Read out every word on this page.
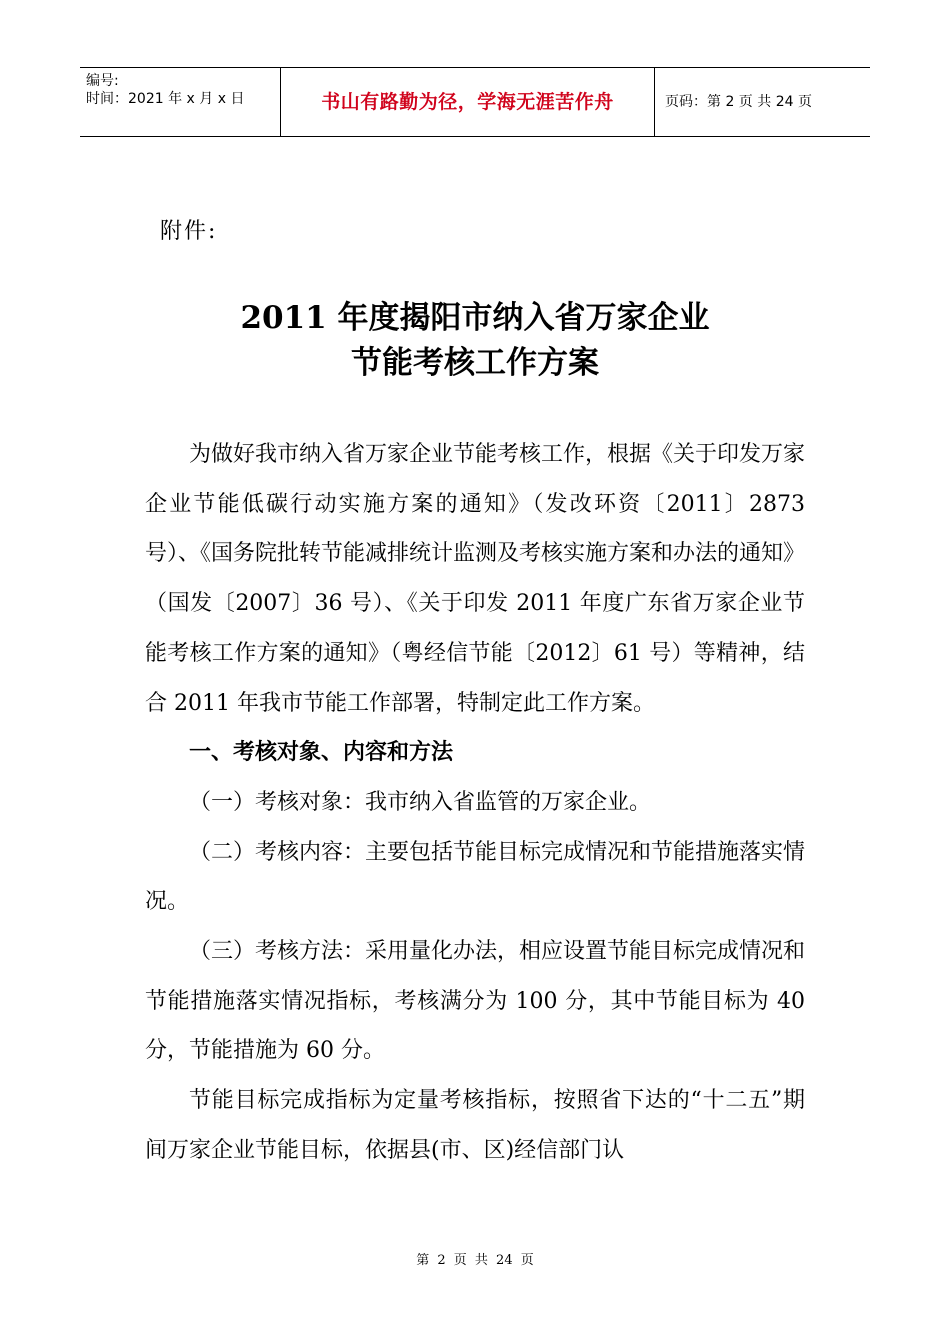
编号:
时间：2021 年 x 月 x 日	书山有路勤为径，学海无涯苦作舟	页码：第 2 页 共 24 页
附件:
2011 年度揭阳市纳入省万家企业
节能考核工作方案

为做好我市纳入省万家企业节能考核工作，根据《关于印发万家企业节能低碳行动实施方案的通知》（发改环资〔2011〕2873 号）、《国务院批转节能减排统计监测及考核实施方案和办法的通知》（国发〔2007〕36 号）、《关于印发 2011 年度广东省万家企业节能考核工作方案的通知》（粤经信节能〔2012〕61 号）等精神，结合 2011 年我市节能工作部署，特制定此工作方案。

一、考核对象、内容和方法

（一）考核对象：我市纳入省监管的万家企业。

（二）考核内容：主要包括节能目标完成情况和节能措施落实情况。

（三）考核方法：采用量化办法，相应设置节能目标完成情况和节能措施落实情况指标，考核满分为 100 分，其中节能目标为 40 分，节能措施为 60 分。

节能目标完成指标为定量考核指标，按照省下达的“十二五”期间万家企业节能目标，依据县(市、区)经信部门认

第 2 页 共 24 页
